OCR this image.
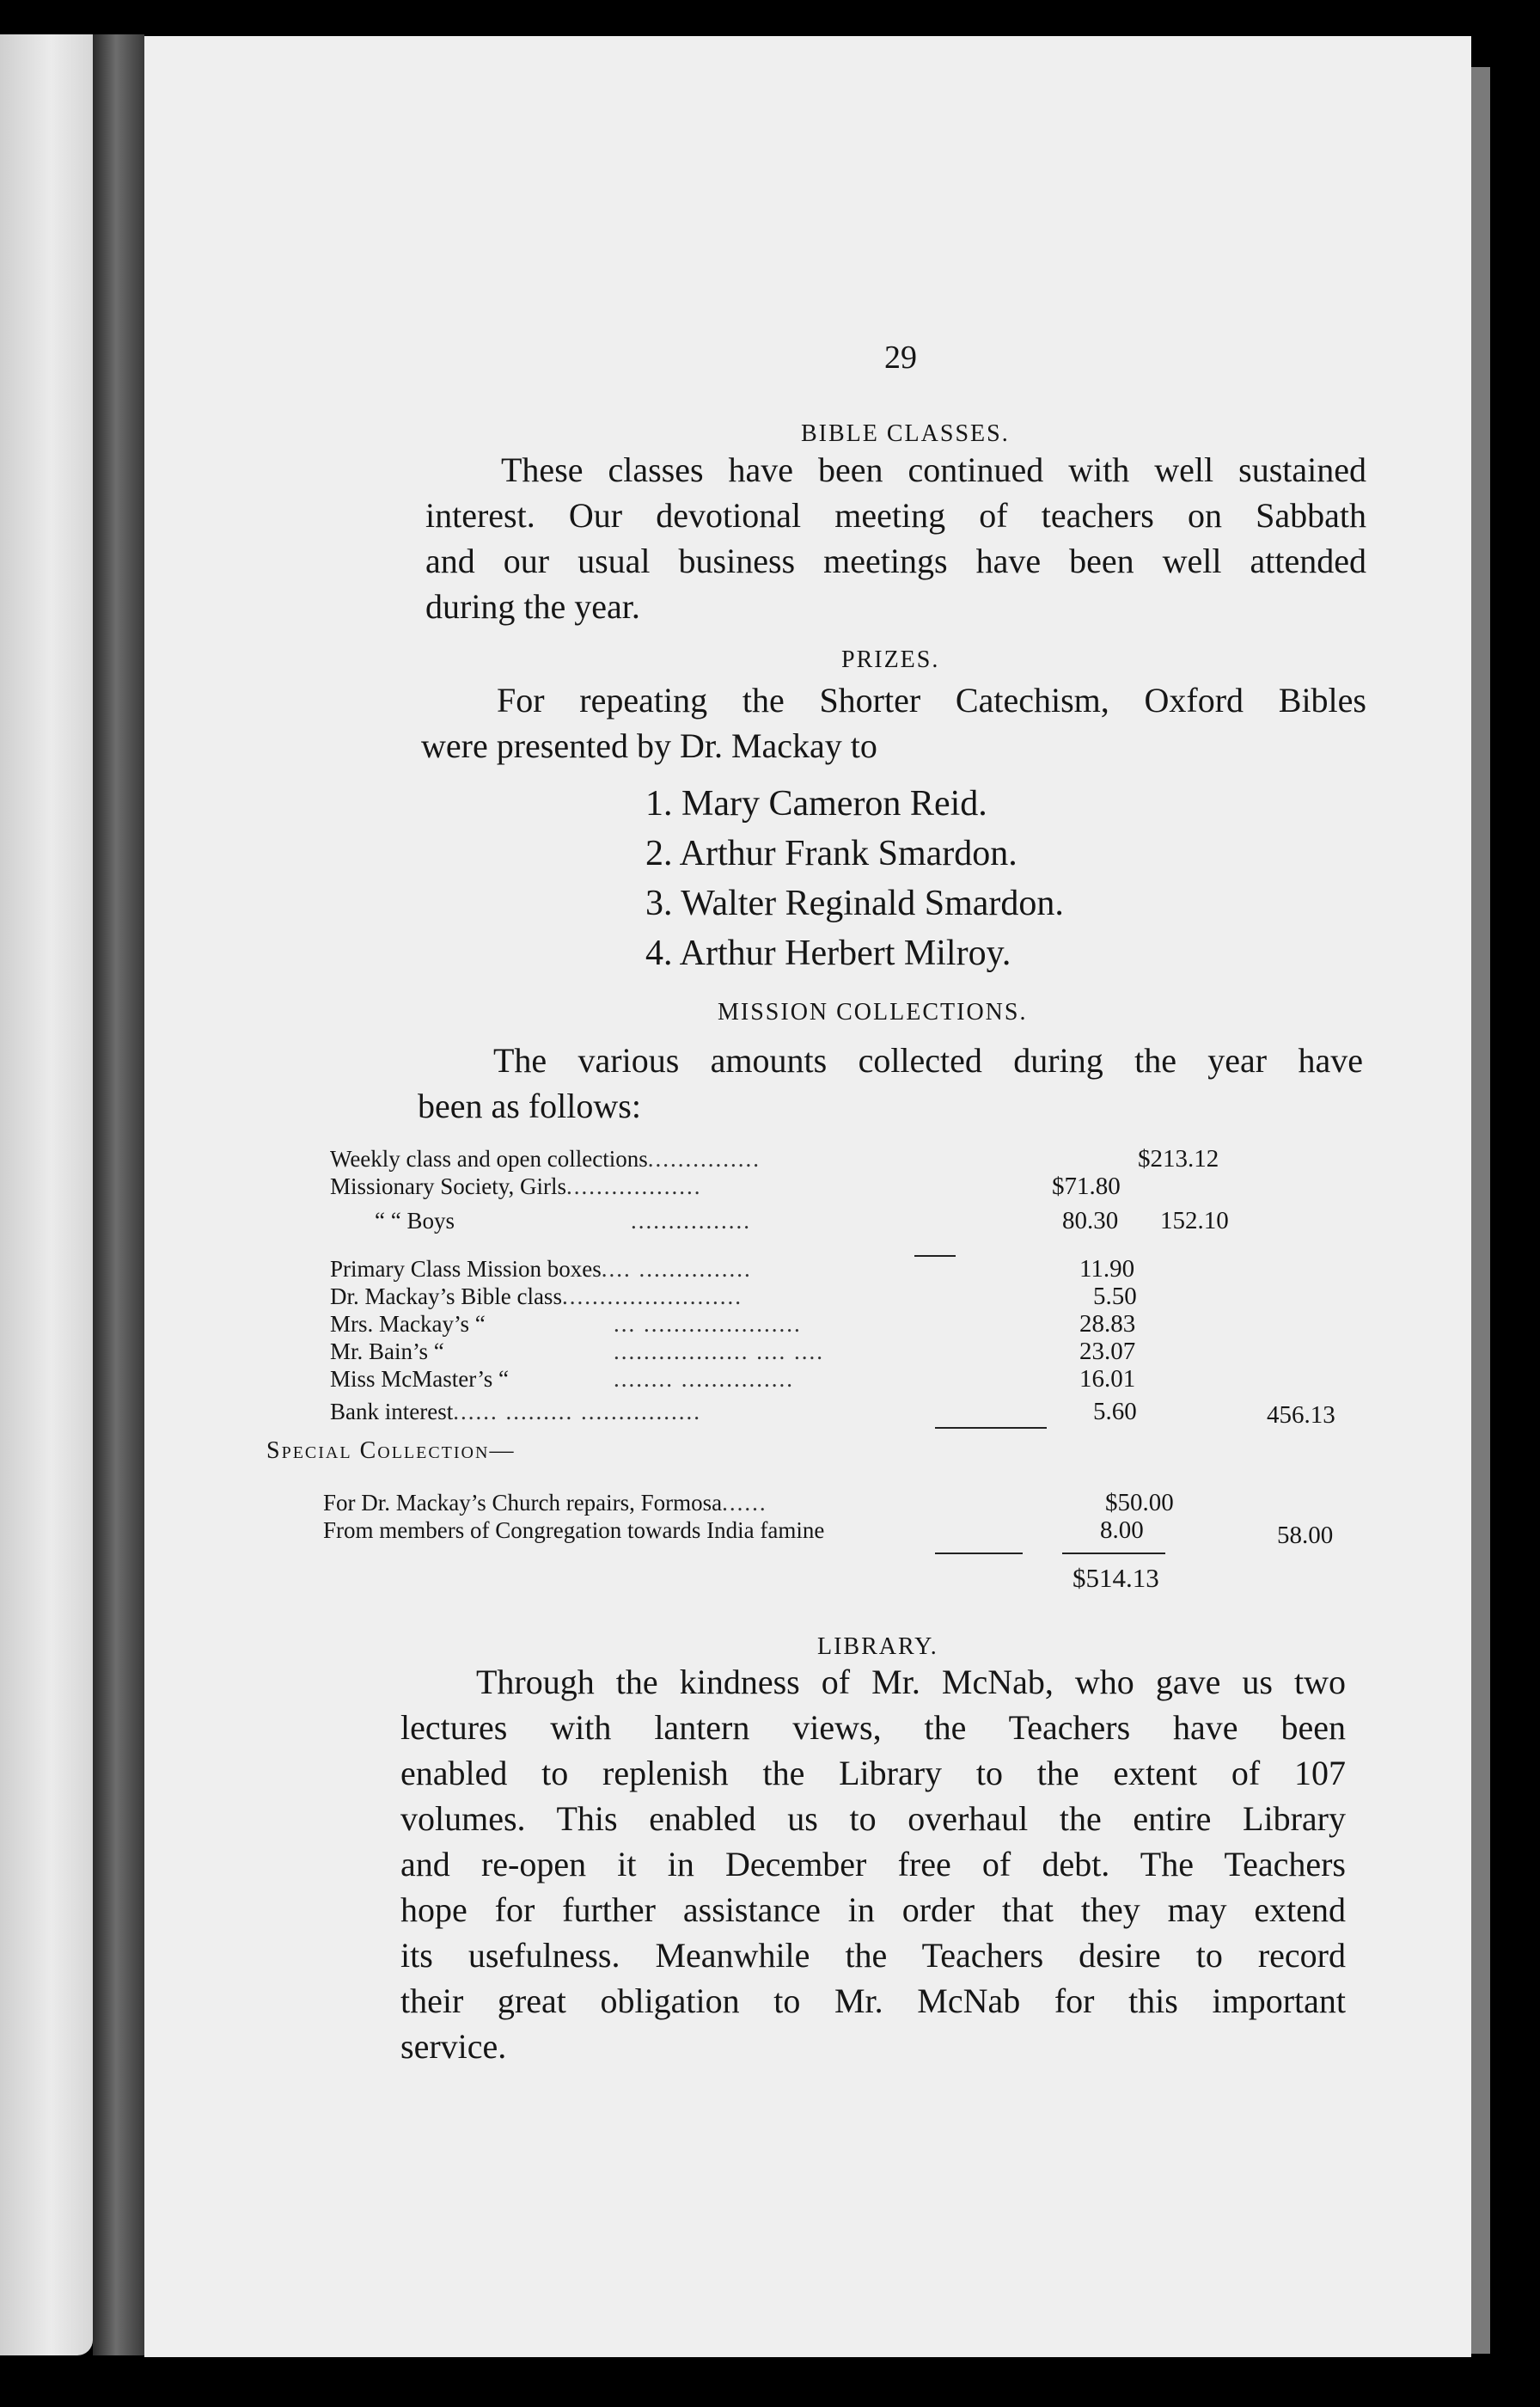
29
BIBLE CLASSES.

These classes have been continued with well sustained

interest. Our devotional meeting of teachers on Sabbath

and our usual business meetings have been well attended

during the year.

PRIZES.

For repeating the Shorter Catechism, Oxford Bibles

were presented by Dr. Mackay to

1. Mary Cameron Reid.
2. Arthur Frank Smardon.
3. Walter Reginald Smardon.
4. Arthur Herbert Milroy.
MISSION COLLECTIONS.

The various amounts collected during the year have

been as follows:

Weekly class and open collections...............	$213.12
Missionary Society, Girls..................	$71.80
“ “ Boys	................	80.30 152.10
Primary Class Mission boxes.... ...............	11.90
Dr. Mackay’s Bible class........................	5.50
Mrs. Mackay’s “	... .....................	28.83
Mr. Bain’s “	.................. .... ....	23.07
Miss McMaster’s “	........ ...............	16.01
Bank interest...... ......... ................	5.60	456.13
Special Collection—
For Dr. Mackay’s Church repairs, Formosa......	$50.00
From members of Congregation towards India famine	8.00	58.00
$514.13
LIBRARY.

Through the kindness of Mr. McNab, who gave us two

lectures with lantern views, the Teachers have been

enabled to replenish the Library to the extent of 107

volumes. This enabled us to overhaul the entire Library

and re-open it in December free of debt. The Teachers

hope for further assistance in order that they may extend

its usefulness. Meanwhile the Teachers desire to record

their great obligation to Mr. McNab for this important

service.
